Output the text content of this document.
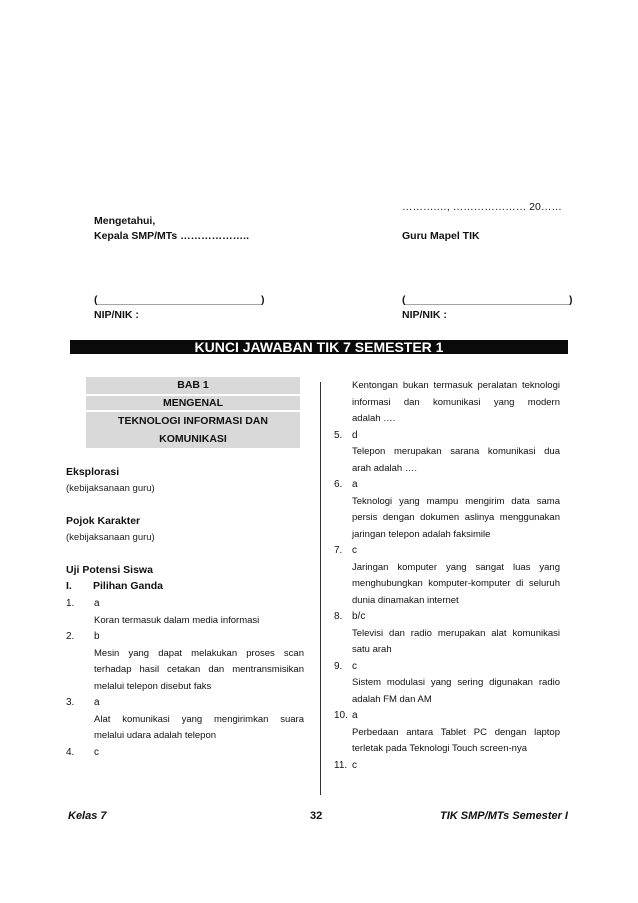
……….…, ………………… 20……
Mengetahui,
Kepala SMP/MTs ………………..	Guru Mapel TIK
(____________________________)	(____________________________)
NIP/NIK :	NIP/NIK :
KUNCI JAWABAN TIK 7 SEMESTER 1
BAB 1
MENGENAL
TEKNOLOGI INFORMASI DAN
KOMUNIKASI
Eksplorasi
(kebijaksanaan guru)
Pojok Karakter
(kebijaksanaan guru)
Uji Potensi Siswa
I. Pilihan Ganda
1. a
Koran termasuk dalam media informasi
2. b
Mesin yang dapat melakukan proses scan
terhadap hasil cetakan dan mentransmisikan
melalui telepon disebut faks
3. a
Alat komunikasi yang mengirimkan suara
melalui udara adalah telepon
4. c
Kentongan bukan termasuk peralatan teknologi
informasi dan komunikasi yang modern
adalah ….
5. d
Telepon merupakan sarana komunikasi dua
arah adalah ….
6. a
Teknologi yang mampu mengirim data sama
persis dengan dokumen aslinya menggunakan
jaringan telepon adalah faksimile
7. c
Jaringan komputer yang sangat luas yang
menghubungkan komputer-komputer di seluruh
dunia dinamakan internet
8. b/c
Televisi dan radio merupakan alat komunikasi
satu arah
9. c
Sistem modulasi yang sering digunakan radio
adalah FM dan AM
10. a
Perbedaan antara Tablet PC dengan laptop
terletak pada Teknologi Touch screen-nya
11. c
Kelas 7	32	TIK SMP/MTs Semester I
